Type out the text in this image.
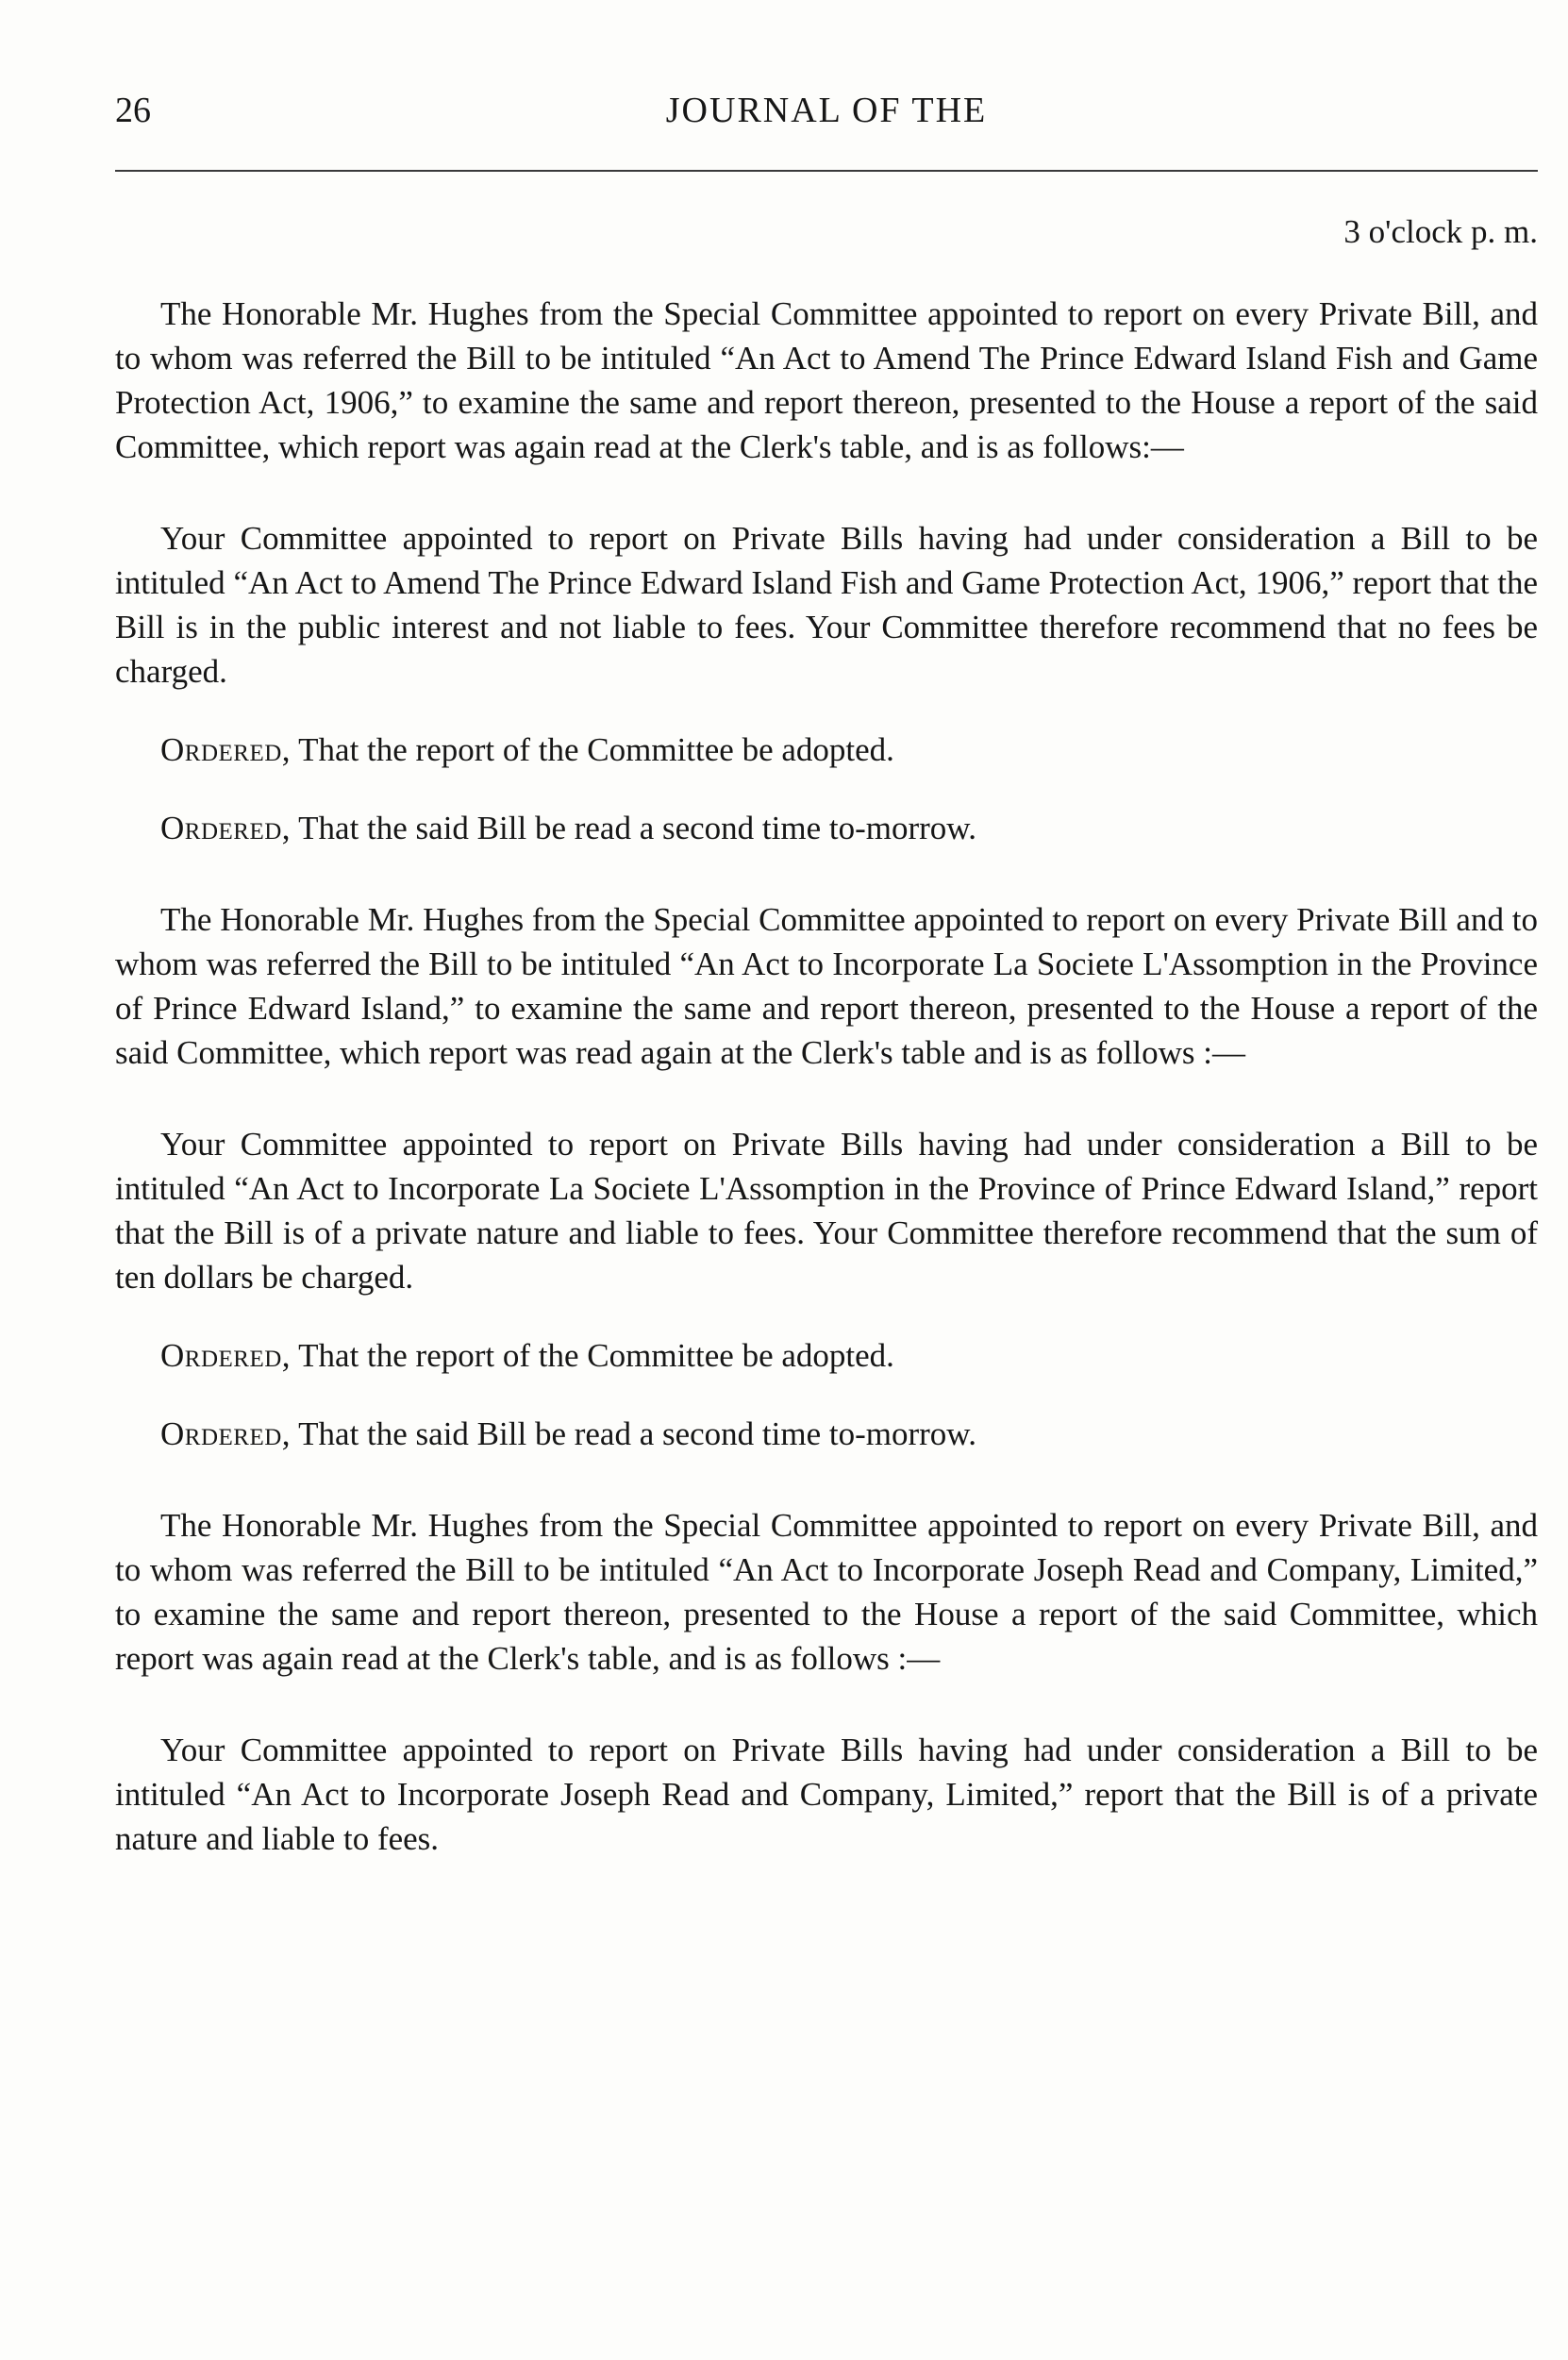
26	JOURNAL OF THE

3 o'clock p. m.

The Honorable Mr. Hughes from the Special Committee appointed to report on every Private Bill, and to whom was referred the Bill to be intituled “An Act to Amend The Prince Edward Island Fish and Game Protection Act, 1906,” to examine the same and report thereon, presented to the House a report of the said Committee, which report was again read at the Clerk's table, and is as follows:—

Your Committee appointed to report on Private Bills having had under consideration a Bill to be intituled “An Act to Amend The Prince Edward Island Fish and Game Protection Act, 1906,” report that the Bill is in the public interest and not liable to fees. Your Committee therefore recommend that no fees be charged.

Ordered, That the report of the Committee be adopted.

Ordered, That the said Bill be read a second time to-morrow.

The Honorable Mr. Hughes from the Special Committee appointed to report on every Private Bill and to whom was referred the Bill to be intituled “An Act to Incorporate La Societe L'Assomption in the Province of Prince Edward Island,” to examine the same and report thereon, presented to the House a report of the said Committee, which report was read again at the Clerk's table and is as follows :—

Your Committee appointed to report on Private Bills having had under consideration a Bill to be intituled “An Act to Incorporate La Societe L'Assomption in the Province of Prince Edward Island,” report that the Bill is of a private nature and liable to fees. Your Committee therefore recommend that the sum of ten dollars be charged.

Ordered, That the report of the Committee be adopted.

Ordered, That the said Bill be read a second time to-morrow.

The Honorable Mr. Hughes from the Special Committee appointed to report on every Private Bill, and to whom was referred the Bill to be intituled “An Act to Incorporate Joseph Read and Company, Limited,” to examine the same and report thereon, presented to the House a report of the said Committee, which report was again read at the Clerk's table, and is as follows :—

Your Committee appointed to report on Private Bills having had under consideration a Bill to be intituled “An Act to Incorporate Joseph Read and Company, Limited,” report that the Bill is of a private nature and liable to fees.
